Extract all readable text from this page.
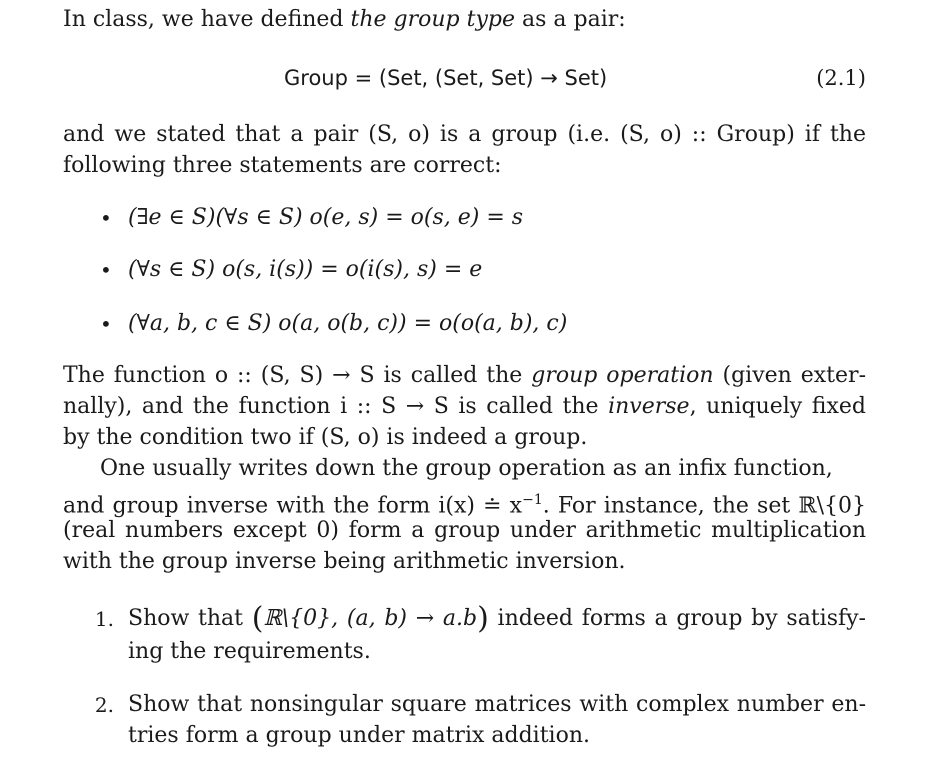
In class, we have defined the group type as a pair:
Group = (Set, (Set, Set) → Set)	(2.1)
and we stated that a pair (S, o) is a group (i.e. (S, o) :: Group) if the
following three statements are correct:
• (∃e ∈ S)(∀s ∈ S) o(e, s) = o(s, e) = s
• (∀s ∈ S) o(s, i(s)) = o(i(s), s) = e
• (∀a, b, c ∈ S) o(a, o(b, c)) = o(o(a, b), c)
The function o :: (S, S) → S is called the group operation (given exter-
nally), and the function i :: S → S is called the inverse, uniquely fixed
by the condition two if (S, o) is indeed a group.
One usually writes down the group operation as an infix function,
and group inverse with the form i(x) ≐ $x^{-1}$. For instance, the set ℝ\{0}
(real numbers except 0) form a group under arithmetic multiplication
with the group inverse being arithmetic inversion.
1. Show that (ℝ\{0}, (a, b) → a.b) indeed forms a group by satisfy-
ing the requirements.
2. Show that nonsingular square matrices with complex number en-
tries form a group under matrix addition.
